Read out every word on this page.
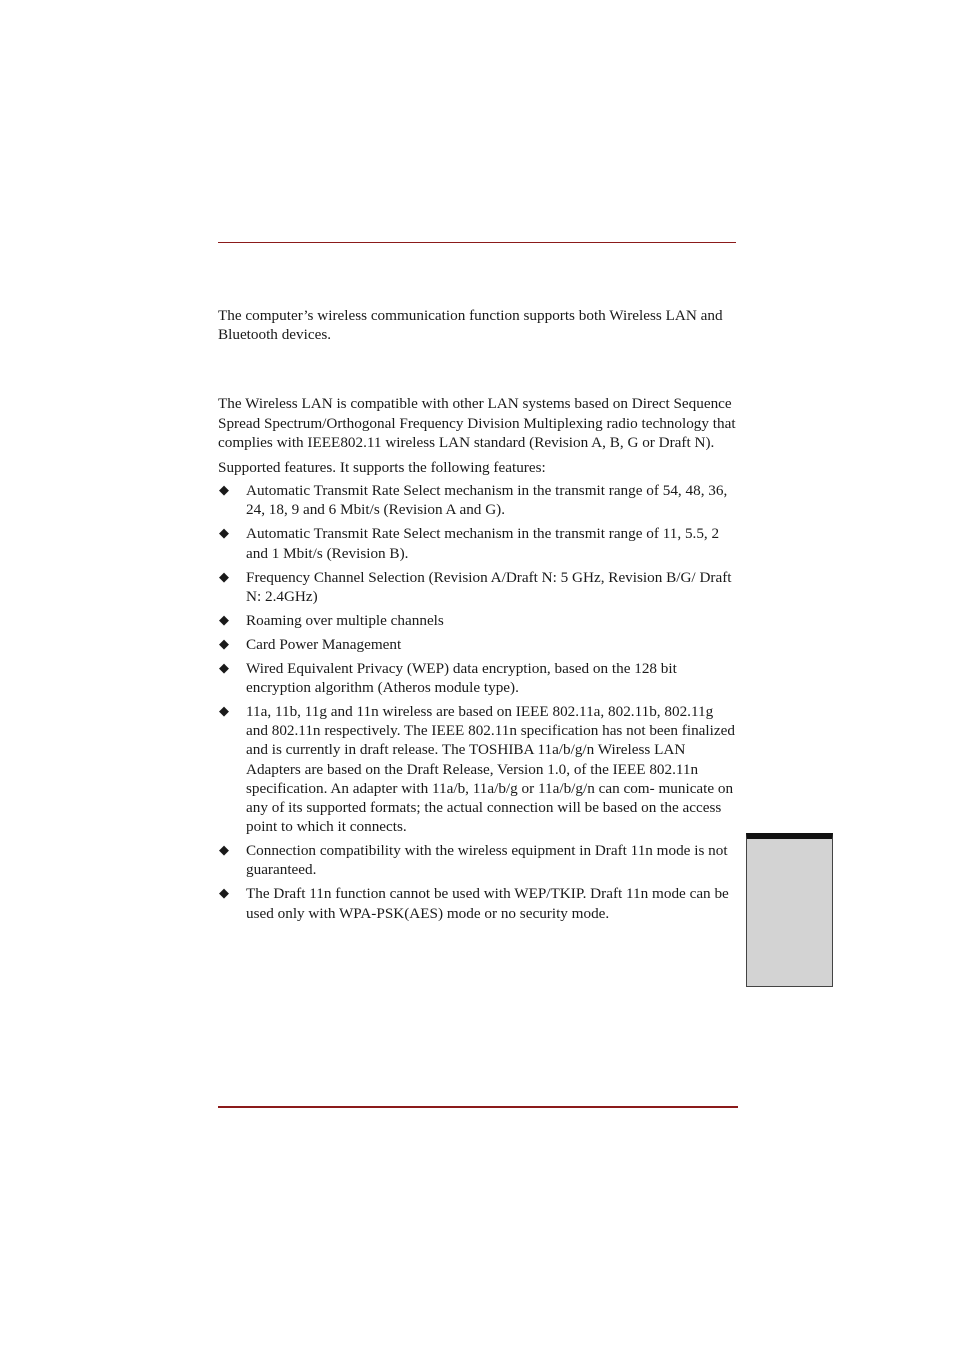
The computer’s wireless communication function supports both Wireless LAN and Bluetooth devices.

The Wireless LAN is compatible with other LAN systems based on Direct Sequence Spread Spectrum/Orthogonal Frequency Division Multiplexing radio technology that complies with IEEE802.11 wireless LAN standard (Revision A, B, G or Draft N).

Supported features. It supports the following features:

◆ Automatic Transmit Rate Select mechanism in the transmit range of 54, 48, 36, 24, 18, 9 and 6 Mbit/s (Revision A and G).
◆ Automatic Transmit Rate Select mechanism in the transmit range of 11, 5.5, 2 and 1 Mbit/s (Revision B).
◆ Frequency Channel Selection (Revision A/Draft N: 5 GHz, Revision B/G/ Draft N: 2.4GHz)
◆ Roaming over multiple channels
◆ Card Power Management
◆ Wired Equivalent Privacy (WEP) data encryption, based on the 128 bit encryption algorithm (Atheros module type).
◆ 11a, 11b, 11g and 11n wireless are based on IEEE 802.11a, 802.11b, 802.11g and 802.11n respectively. The IEEE 802.11n specification has not been finalized and is currently in draft release. The TOSHIBA 11a/b/g/n Wireless LAN Adapters are based on the Draft Release, Version 1.0, of the IEEE 802.11n specification. An adapter with 11a/b, 11a/b/g or 11a/b/g/n can com- municate on any of its supported formats; the actual connection will be based on the access point to which it connects.
◆ Connection compatibility with the wireless equipment in Draft 11n mode is not guaranteed.
◆ The Draft 11n function cannot be used with WEP/TKIP. Draft 11n mode can be used only with WPA-PSK(AES) mode or no security mode.
